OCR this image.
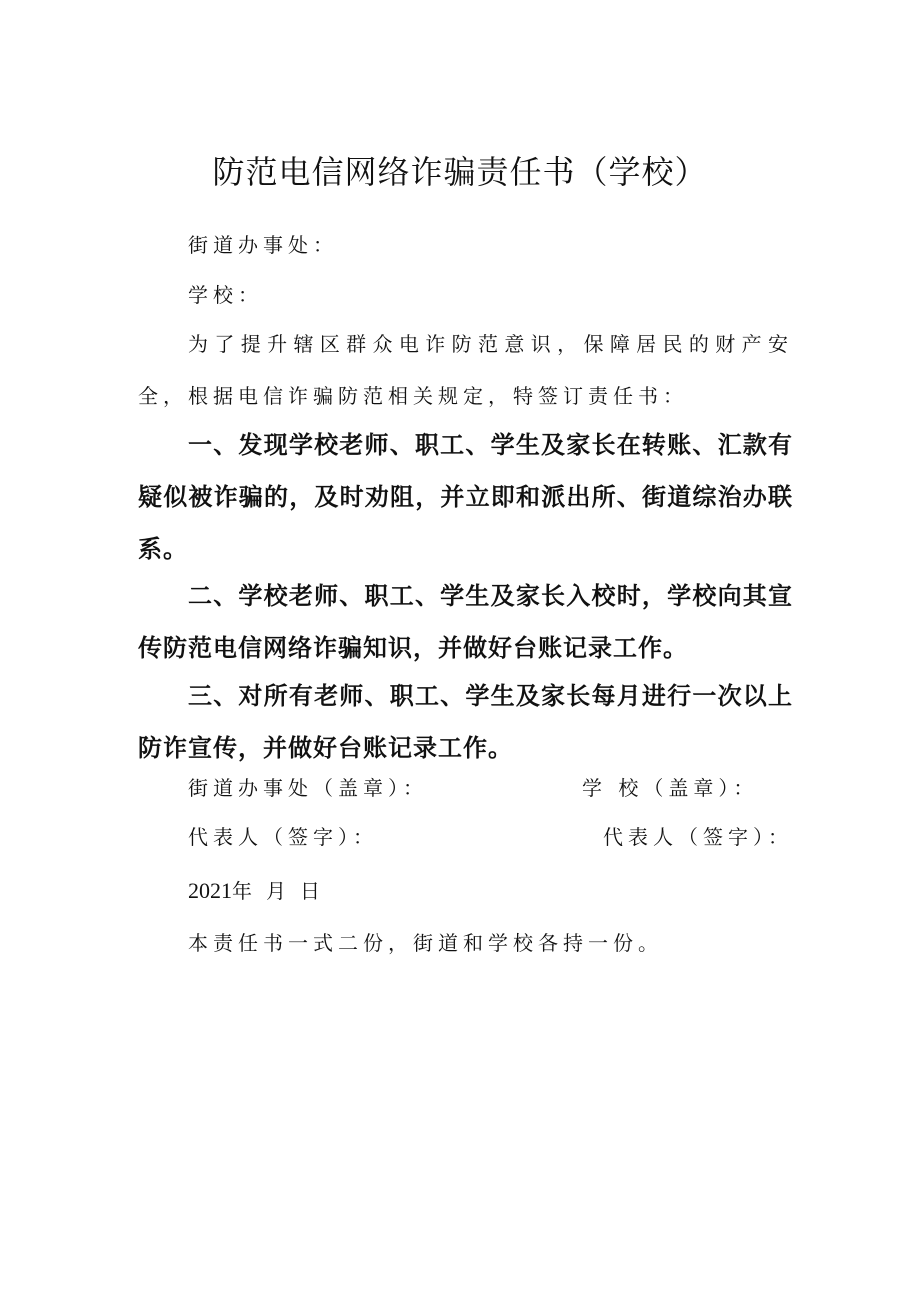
防范电信网络诈骗责任书（学校）

街道办事处：

学校：

为了提升辖区群众电诈防范意识，保障居民的财产安全，根据电信诈骗防范相关规定，特签订责任书：

一、发现学校老师、职工、学生及家长在转账、汇款有疑似被诈骗的，及时劝阻，并立即和派出所、街道综治办联系。

二、学校老师、职工、学生及家长入校时，学校向其宣传防范电信网络诈骗知识，并做好台账记录工作。

三、对所有老师、职工、学生及家长每月进行一次以上防诈宣传，并做好台账记录工作。

街道办事处（盖章）：	学 校（盖章）：

代表人（签字）：	代表人（签字）：

2021年 月 日

本责任书一式二份，街道和学校各持一份。
